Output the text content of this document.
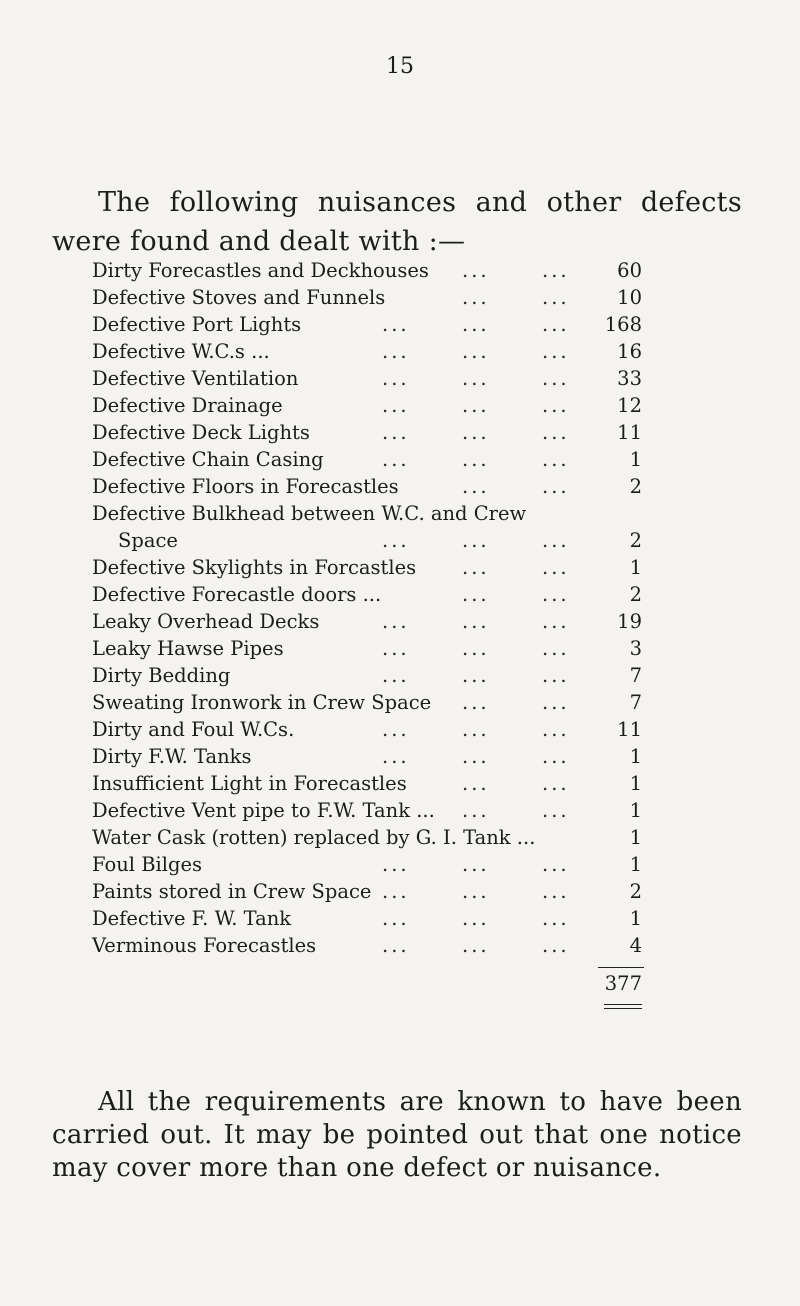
15
The following nuisances and other defects
were found and dealt with :—
Dirty Forecastles and Deckhouses	60
...	...
Defective Stoves and Funnels	10
...	...
Defective Port Lights	168
...	...	...
Defective W.C.s ...	16
...	...	...
Defective Ventilation	33
...	...	...
Defective Drainage	12
...	...	...
Defective Deck Lights	11
...	...	...
Defective Chain Casing	1
...	...	...
Defective Floors in Forecastles	2
...	...
Defective Bulkhead between W.C. and Crew
Space	2
...	...	...
Defective Skylights in Forcastles	1
...	...
Defective Forecastle doors ...	2
...	...
Leaky Overhead Decks	19
...	...	...
Leaky Hawse Pipes	3
...	...	...
Dirty Bedding	7
...	...	...
Sweating Ironwork in Crew Space	7
...	...
Dirty and Foul W.Cs.	11
...	...	...
Dirty F.W. Tanks	1
...	...	...
Insufficient Light in Forecastles	1
...	...
Defective Vent pipe to F.W. Tank ...	1
...	...
Water Cask (rotten) replaced by G. I. Tank ...	1
Foul Bilges	1
...	...	...
Paints stored in Crew Space	2
...	...	...
Defective F. W. Tank	1
...	...	...
Verminous Forecastles	4
...	...	...
377
All the requirements are known to have been
carried out. It may be pointed out that one notice
may cover more than one defect or nuisance.
